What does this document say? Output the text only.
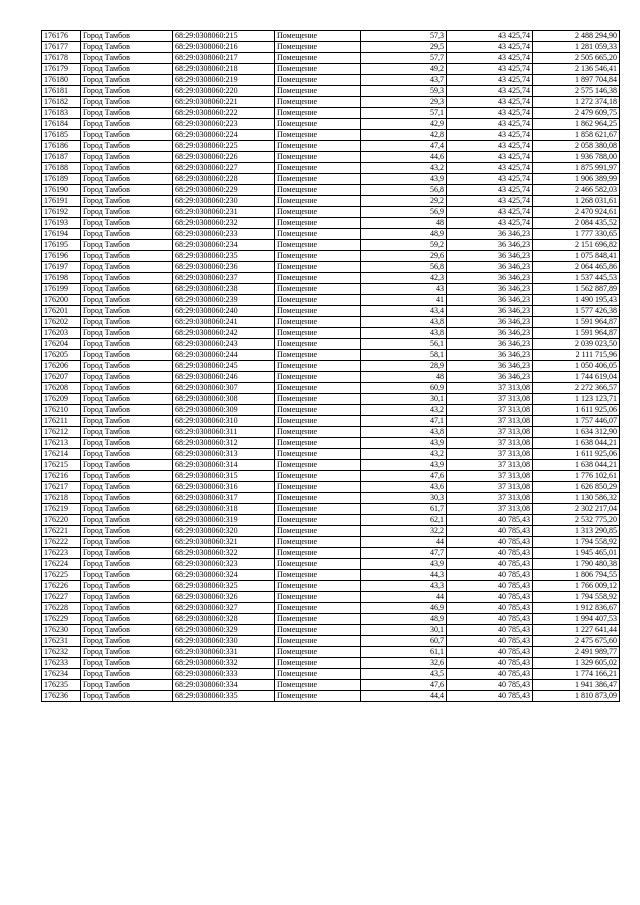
176176	Город Тамбов	68:29:0308060:215	Помещение	57,3	43 425,74	2 488 294,90
176177	Город Тамбов	68:29:0308060:216	Помещение	29,5	43 425,74	1 281 059,33
176178	Город Тамбов	68:29:0308060:217	Помещение	57,7	43 425,74	2 505 665,20
176179	Город Тамбов	68:29:0308060:218	Помещение	49,2	43 425,74	2 136 546,41
176180	Город Тамбов	68:29:0308060:219	Помещение	43,7	43 425,74	1 897 704,84
176181	Город Тамбов	68:29:0308060:220	Помещение	59,3	43 425,74	2 575 146,38
176182	Город Тамбов	68:29:0308060:221	Помещение	29,3	43 425,74	1 272 374,18
176183	Город Тамбов	68:29:0308060:222	Помещение	57,1	43 425,74	2 479 609,75
176184	Город Тамбов	68:29:0308060:223	Помещение	42,9	43 425,74	1 862 964,25
176185	Город Тамбов	68:29:0308060:224	Помещение	42,8	43 425,74	1 858 621,67
176186	Город Тамбов	68:29:0308060:225	Помещение	47,4	43 425,74	2 058 380,08
176187	Город Тамбов	68:29:0308060:226	Помещение	44,6	43 425,74	1 936 788,00
176188	Город Тамбов	68:29:0308060:227	Помещение	43,2	43 425,74	1 875 991,97
176189	Город Тамбов	68:29:0308060:228	Помещение	43,9	43 425,74	1 906 389,99
176190	Город Тамбов	68:29:0308060:229	Помещение	56,8	43 425,74	2 466 582,03
176191	Город Тамбов	68:29:0308060:230	Помещение	29,2	43 425,74	1 268 031,61
176192	Город Тамбов	68:29:0308060:231	Помещение	56,9	43 425,74	2 470 924,61
176193	Город Тамбов	68:29:0308060:232	Помещение	48	43 425,74	2 084 435,52
176194	Город Тамбов	68:29:0308060:233	Помещение	48,9	36 346,23	1 777 330,65
176195	Город Тамбов	68:29:0308060:234	Помещение	59,2	36 346,23	2 151 696,82
176196	Город Тамбов	68:29:0308060:235	Помещение	29,6	36 346,23	1 075 848,41
176197	Город Тамбов	68:29:0308060:236	Помещение	56,8	36 346,23	2 064 465,86
176198	Город Тамбов	68:29:0308060:237	Помещение	42,3	36 346,23	1 537 445,53
176199	Город Тамбов	68:29:0308060:238	Помещение	43	36 346,23	1 562 887,89
176200	Город Тамбов	68:29:0308060:239	Помещение	41	36 346,23	1 490 195,43
176201	Город Тамбов	68:29:0308060:240	Помещение	43,4	36 346,23	1 577 426,38
176202	Город Тамбов	68:29:0308060:241	Помещение	43,8	36 346,23	1 591 964,87
176203	Город Тамбов	68:29:0308060:242	Помещение	43,8	36 346,23	1 591 964,87
176204	Город Тамбов	68:29:0308060:243	Помещение	56,1	36 346,23	2 039 023,50
176205	Город Тамбов	68:29:0308060:244	Помещение	58,1	36 346,23	2 111 715,96
176206	Город Тамбов	68:29:0308060:245	Помещение	28,9	36 346,23	1 050 406,05
176207	Город Тамбов	68:29:0308060:246	Помещение	48	36 346,23	1 744 619,04
176208	Город Тамбов	68:29:0308060:307	Помещение	60,9	37 313,08	2 272 366,57
176209	Город Тамбов	68:29:0308060:308	Помещение	30,1	37 313,08	1 123 123,71
176210	Город Тамбов	68:29:0308060:309	Помещение	43,2	37 313,08	1 611 925,06
176211	Город Тамбов	68:29:0308060:310	Помещение	47,1	37 313,08	1 757 446,07
176212	Город Тамбов	68:29:0308060:311	Помещение	43,8	37 313,08	1 634 312,90
176213	Город Тамбов	68:29:0308060:312	Помещение	43,9	37 313,08	1 638 044,21
176214	Город Тамбов	68:29:0308060:313	Помещение	43,2	37 313,08	1 611 925,06
176215	Город Тамбов	68:29:0308060:314	Помещение	43,9	37 313,08	1 638 044,21
176216	Город Тамбов	68:29:0308060:315	Помещение	47,6	37 313,08	1 776 102,61
176217	Город Тамбов	68:29:0308060:316	Помещение	43,6	37 313,08	1 626 850,29
176218	Город Тамбов	68:29:0308060:317	Помещение	30,3	37 313,08	1 130 586,32
176219	Город Тамбов	68:29:0308060:318	Помещение	61,7	37 313,08	2 302 217,04
176220	Город Тамбов	68:29:0308060:319	Помещение	62,1	40 785,43	2 532 775,20
176221	Город Тамбов	68:29:0308060:320	Помещение	32,2	40 785,43	1 313 290,85
176222	Город Тамбов	68:29:0308060:321	Помещение	44	40 785,43	1 794 558,92
176223	Город Тамбов	68:29:0308060:322	Помещение	47,7	40 785,43	1 945 465,01
176224	Город Тамбов	68:29:0308060:323	Помещение	43,9	40 785,43	1 790 480,38
176225	Город Тамбов	68:29:0308060:324	Помещение	44,3	40 785,43	1 806 794,55
176226	Город Тамбов	68:29:0308060:325	Помещение	43,3	40 785,43	1 766 009,12
176227	Город Тамбов	68:29:0308060:326	Помещение	44	40 785,43	1 794 558,92
176228	Город Тамбов	68:29:0308060:327	Помещение	46,9	40 785,43	1 912 836,67
176229	Город Тамбов	68:29:0308060:328	Помещение	48,9	40 785,43	1 994 407,53
176230	Город Тамбов	68:29:0308060:329	Помещение	30,1	40 785,43	1 227 641,44
176231	Город Тамбов	68:29:0308060:330	Помещение	60,7	40 785,43	2 475 675,60
176232	Город Тамбов	68:29:0308060:331	Помещение	61,1	40 785,43	2 491 989,77
176233	Город Тамбов	68:29:0308060:332	Помещение	32,6	40 785,43	1 329 605,02
176234	Город Тамбов	68:29:0308060:333	Помещение	43,5	40 785,43	1 774 166,21
176235	Город Тамбов	68:29:0308060:334	Помещение	47,6	40 785,43	1 941 386,47
176236	Город Тамбов	68:29:0308060:335	Помещение	44,4	40 785,43	1 810 873,09
